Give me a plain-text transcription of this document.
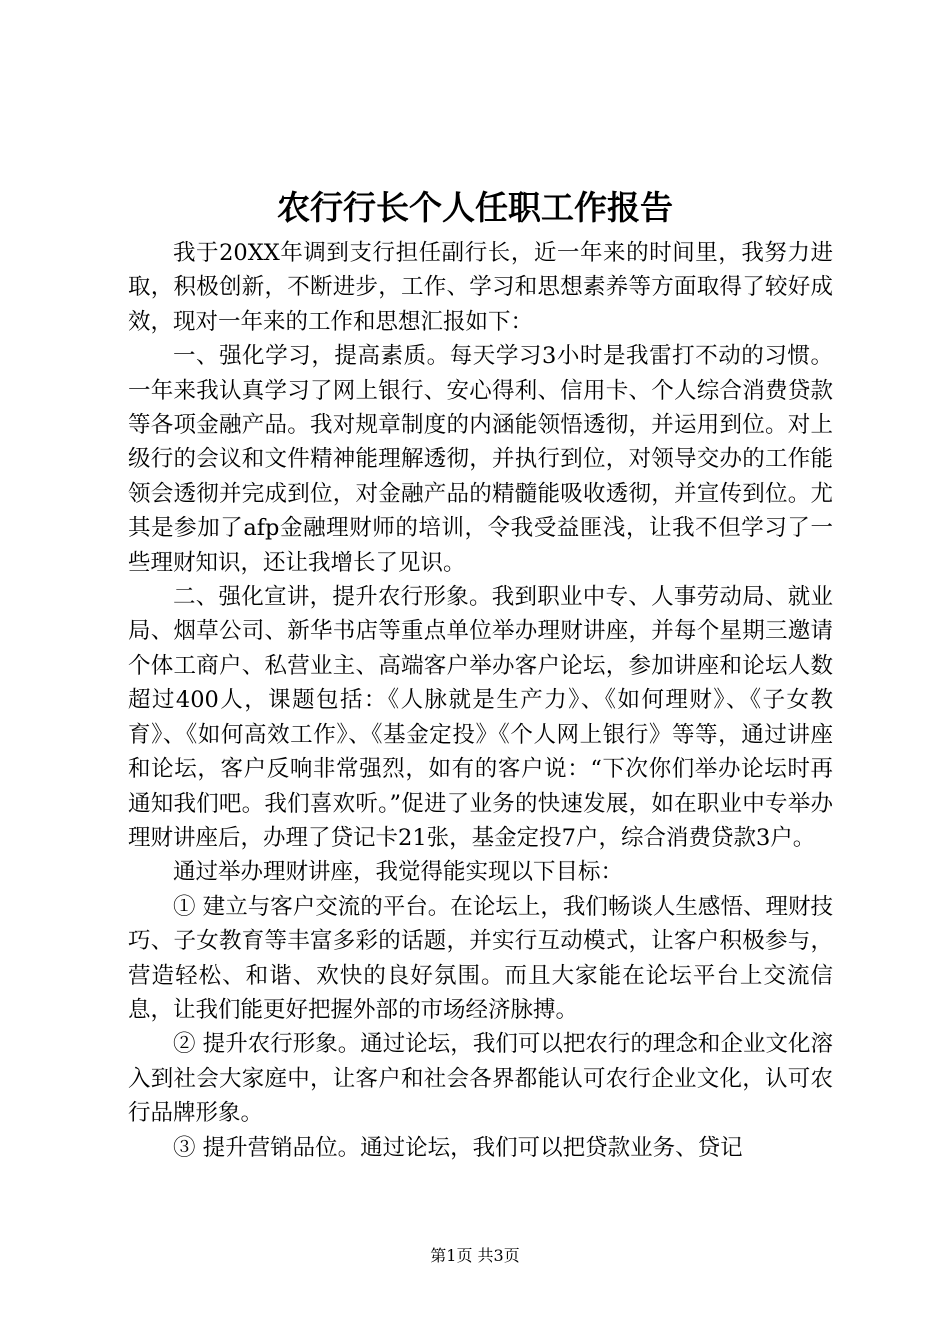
农行行长个人任职工作报告

我于20XX年调到支行担任副行长，近一年来的时间里，我努力进取，积极创新，不断进步，工作、学习和思想素养等方面取得了较好成效，现对一年来的工作和思想汇报如下：

一、强化学习，提高素质。每天学习3小时是我雷打不动的习惯。一年来我认真学习了网上银行、安心得利、信用卡、个人综合消费贷款等各项金融产品。我对规章制度的内涵能领悟透彻，并运用到位。对上级行的会议和文件精神能理解透彻，并执行到位，对领导交办的工作能领会透彻并完成到位，对金融产品的精髓能吸收透彻，并宣传到位。尤其是参加了afp金融理财师的培训，令我受益匪浅，让我不但学习了一些理财知识，还让我增长了见识。

二、强化宣讲，提升农行形象。我到职业中专、人事劳动局、就业局、烟草公司、新华书店等重点单位举办理财讲座，并每个星期三邀请个体工商户、私营业主、高端客户举办客户论坛，参加讲座和论坛人数超过400人，课题包括：《人脉就是生产力》、《如何理财》、《子女教育》、《如何高效工作》、《基金定投》《个人网上银行》等等，通过讲座和论坛，客户反响非常强烈，如有的客户说：“下次你们举办论坛时再通知我们吧。我们喜欢听。”促进了业务的快速发展，如在职业中专举办理财讲座后，办理了贷记卡21张，基金定投7户，综合消费贷款3户。

通过举办理财讲座，我觉得能实现以下目标：

① 建立与客户交流的平台。在论坛上，我们畅谈人生感悟、理财技巧、子女教育等丰富多彩的话题，并实行互动模式，让客户积极参与，营造轻松、和谐、欢快的良好氛围。而且大家能在论坛平台上交流信息，让我们能更好把握外部的市场经济脉搏。

② 提升农行形象。通过论坛，我们可以把农行的理念和企业文化溶入到社会大家庭中，让客户和社会各界都能认可农行企业文化，认可农行品牌形象。

③ 提升营销品位。通过论坛，我们可以把贷款业务、贷记

第1页 共3页
